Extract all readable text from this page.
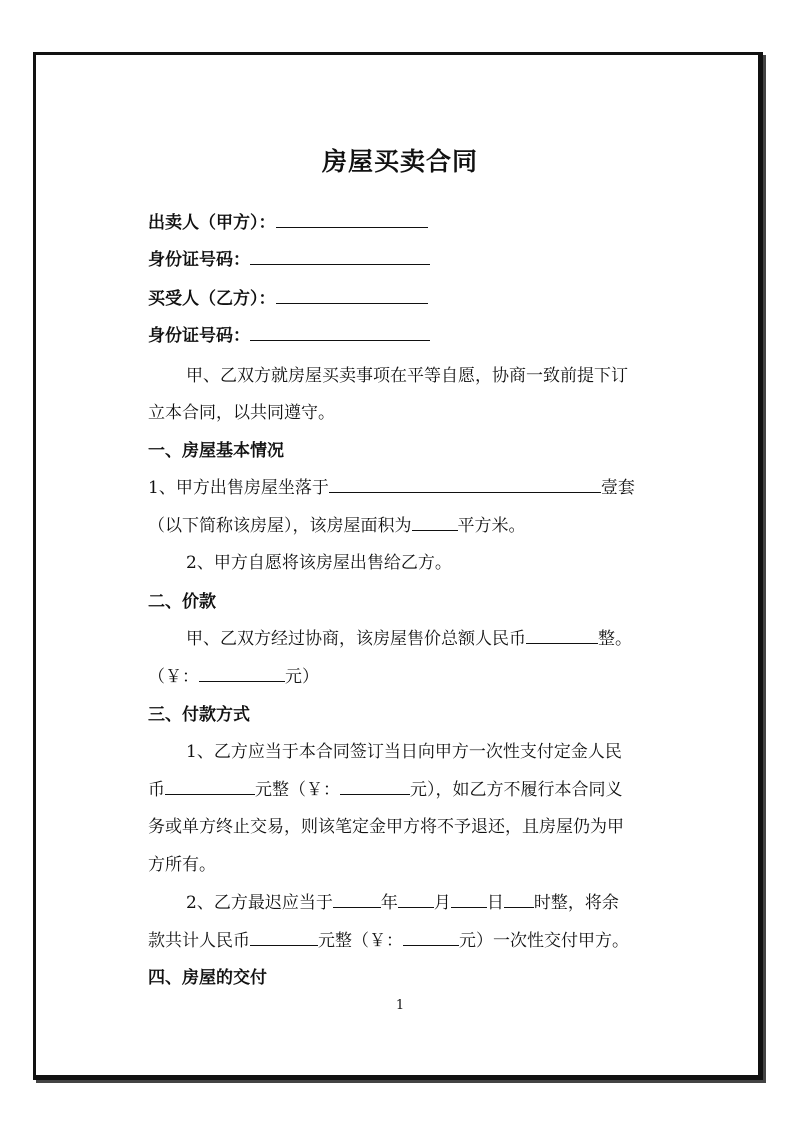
房屋买卖合同
出卖人（甲方）：
身份证号码：
买受人（乙方）：
身份证号码：
甲、乙双方就房屋买卖事项在平等自愿，协商一致前提下订
立本合同，以共同遵守。
一、房屋基本情况
1、甲方出售房屋坐落于	壹套
（以下简称该房屋），该房屋面积为	平方米。
2、甲方自愿将该房屋出售给乙方。
二、价款
甲、乙双方经过协商，该房屋售价总额人民币	整。
（￥：	元）
三、付款方式
1、乙方应当于本合同签订当日向甲方一次性支付定金人民
币	元整（￥：	元），如乙方不履行本合同义
务或单方终止交易，则该笔定金甲方将不予退还，且房屋仍为甲
方所有。
2、乙方最迟应当于	年 月 日 时整，将余
款共计人民币	元整（￥：	元）一次性交付甲方。
四、房屋的交付
1
